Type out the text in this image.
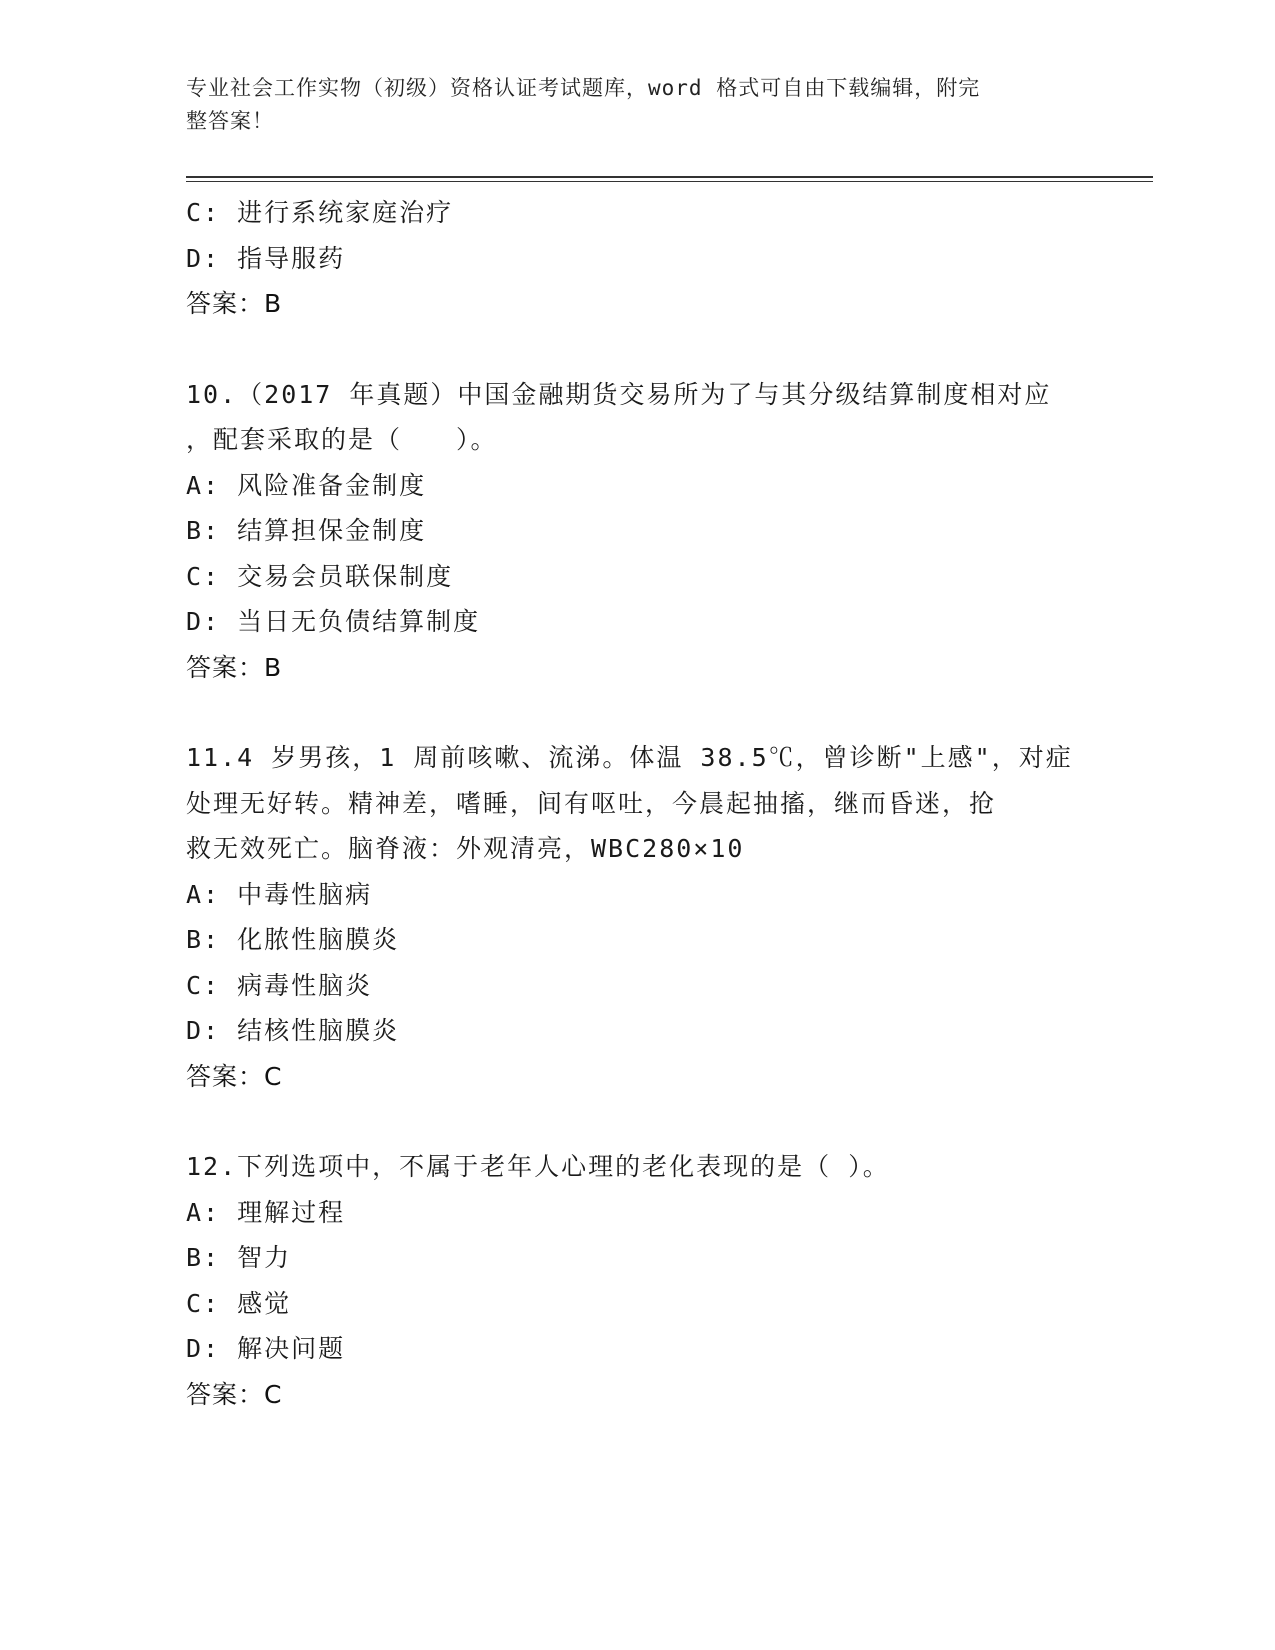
专业社会工作实物（初级）资格认证考试题库，word 格式可自由下载编辑，附完
整答案！
C: 进行系统家庭治疗
D: 指导服药
答案：B
10.（2017 年真题）中国金融期货交易所为了与其分级结算制度相对应
，配套采取的是（　　）。
A: 风险准备金制度
B: 结算担保金制度
C: 交易会员联保制度
D: 当日无负债结算制度
答案：B
11.4 岁男孩，1 周前咳嗽、流涕。体温 38.5℃，曾诊断"上感"，对症
处理无好转。精神差，嗜睡，间有呕吐，今晨起抽搐，继而昏迷，抢
救无效死亡。脑脊液：外观清亮，WBC280×10
A: 中毒性脑病
B: 化脓性脑膜炎
C: 病毒性脑炎
D: 结核性脑膜炎
答案：C
12.下列选项中，不属于老年人心理的老化表现的是（ ）。
A: 理解过程
B: 智力
C: 感觉
D: 解决问题
答案：C
